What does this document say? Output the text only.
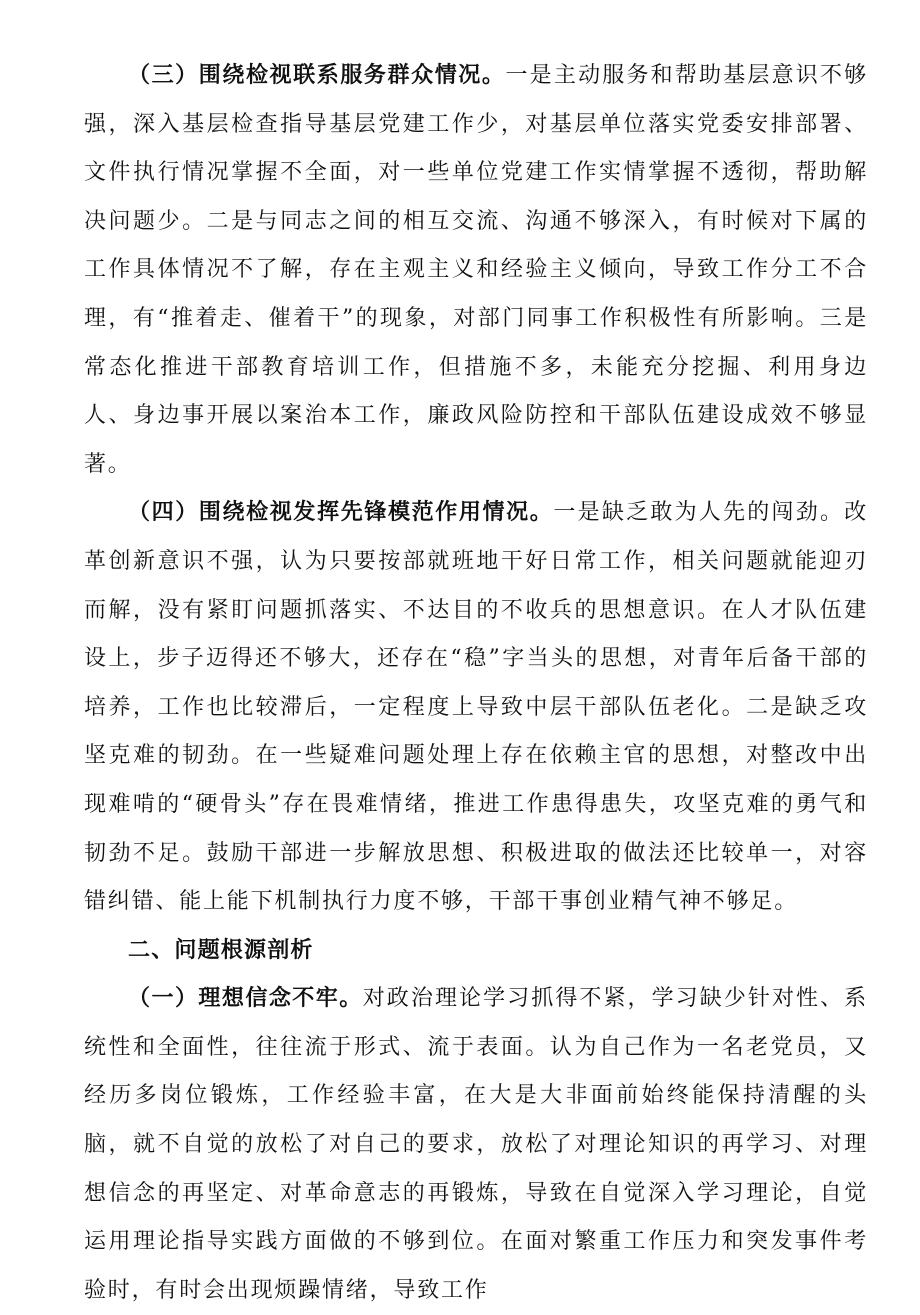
（三）围绕检视联系服务群众情况。一是主动服务和帮助基层意识不够强，深入基层检查指导基层党建工作少，对基层单位落实党委安排部署、文件执行情况掌握不全面，对一些单位党建工作实情掌握不透彻，帮助解决问题少。二是与同志之间的相互交流、沟通不够深入，有时候对下属的工作具体情况不了解，存在主观主义和经验主义倾向，导致工作分工不合理，有“推着走、催着干”的现象，对部门同事工作积极性有所影响。三是常态化推进干部教育培训工作，但措施不多，未能充分挖掘、利用身边人、身边事开展以案治本工作，廉政风险防控和干部队伍建设成效不够显著。

（四）围绕检视发挥先锋模范作用情况。一是缺乏敢为人先的闯劲。改革创新意识不强，认为只要按部就班地干好日常工作，相关问题就能迎刃而解，没有紧盯问题抓落实、不达目的不收兵的思想意识。在人才队伍建设上，步子迈得还不够大，还存在“稳”字当头的思想，对青年后备干部的培养，工作也比较滞后，一定程度上导致中层干部队伍老化。二是缺乏攻坚克难的韧劲。在一些疑难问题处理上存在依赖主官的思想，对整改中出现难啃的“硬骨头”存在畏难情绪，推进工作患得患失，攻坚克难的勇气和韧劲不足。鼓励干部进一步解放思想、积极进取的做法还比较单一，对容错纠错、能上能下机制执行力度不够，干部干事创业精气神不够足。

二、问题根源剖析

（一）理想信念不牢。对政治理论学习抓得不紧，学习缺少针对性、系统性和全面性，往往流于形式、流于表面。认为自己作为一名老党员，又经历多岗位锻炼，工作经验丰富，在大是大非面前始终能保持清醒的头脑，就不自觉的放松了对自己的要求，放松了对理论知识的再学习、对理想信念的再坚定、对革命意志的再锻炼，导致在自觉深入学习理论，自觉运用理论指导实践方面做的不够到位。在面对繁重工作压力和突发事件考验时，有时会出现烦躁情绪，导致工作
